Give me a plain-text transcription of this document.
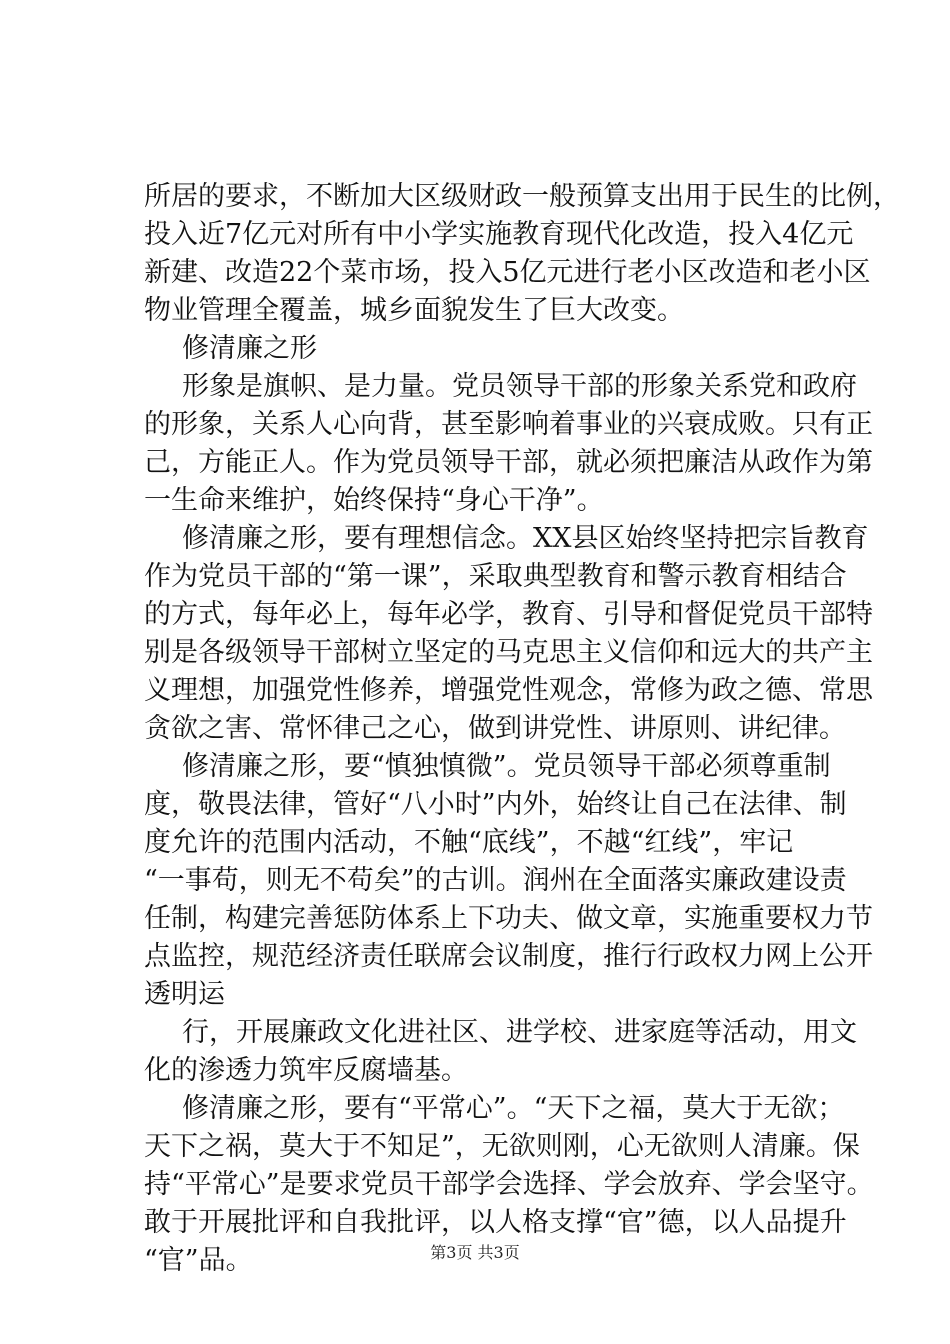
所居的要求，不断加大区级财政一般预算支出用于民生的比例，
投入近7亿元对所有中小学实施教育现代化改造，投入4亿元
新建、改造22个菜市场，投入5亿元进行老小区改造和老小区
物业管理全覆盖，城乡面貌发生了巨大改变。
修清廉之形
形象是旗帜、是力量。党员领导干部的形象关系党和政府
的形象，关系人心向背，甚至影响着事业的兴衰成败。只有正
己，方能正人。作为党员领导干部，就必须把廉洁从政作为第
一生命来维护，始终保持“身心干净”。
修清廉之形，要有理想信念。XX县区始终坚持把宗旨教育
作为党员干部的“第一课”，采取典型教育和警示教育相结合
的方式，每年必上，每年必学，教育、引导和督促党员干部特
别是各级领导干部树立坚定的马克思主义信仰和远大的共产主
义理想，加强党性修养，增强党性观念，常修为政之德、常思
贪欲之害、常怀律己之心，做到讲党性、讲原则、讲纪律。
修清廉之形，要“慎独慎微”。党员领导干部必须尊重制
度，敬畏法律，管好“八小时”内外，始终让自己在法律、制
度允许的范围内活动，不触“底线”，不越“红线”，牢记
“一事苟，则无不苟矣”的古训。润州在全面落实廉政建设责
任制，构建完善惩防体系上下功夫、做文章，实施重要权力节
点监控，规范经济责任联席会议制度，推行行政权力网上公开
透明运
行，开展廉政文化进社区、进学校、进家庭等活动，用文
化的渗透力筑牢反腐墙基。
修清廉之形，要有“平常心”。“天下之福，莫大于无欲；
天下之祸，莫大于不知足”，无欲则刚，心无欲则人清廉。保
持“平常心”是要求党员干部学会选择、学会放弃、学会坚守。
敢于开展批评和自我批评，以人格支撑“官”德，以人品提升
“官”品。	第3页 共3页
